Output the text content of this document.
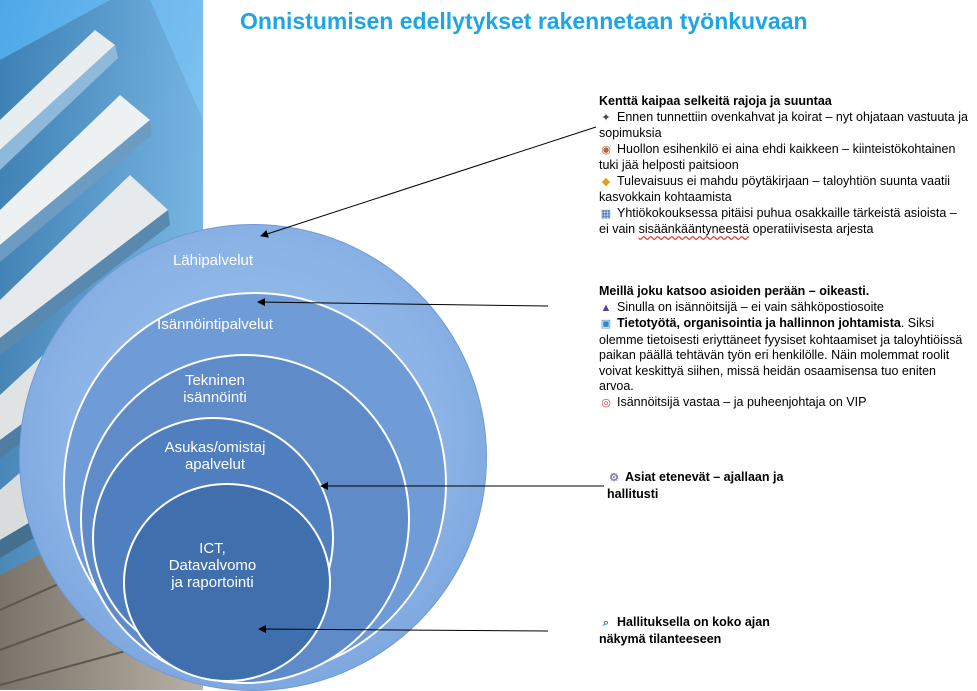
Onnistumisen edellytykset rakennetaan työnkuvaan
Lähipalvelut
Isännöintipalvelut
Tekninen
isännöinti
Asukas/omistaj
apalvelut
ICT,
Datavalvomo
ja raportointi
Kenttä kaipaa selkeitä rajoja ja suuntaa

✦ Ennen tunnettiin ovenkahvat ja koirat – nyt ohjataan vastuuta ja sopimuksia

◉ Huollon esihenkilö ei aina ehdi kaikkeen – kiinteistökohtainen tuki jää helposti paitsioon

◆ Tulevaisuus ei mahdu pöytäkirjaan – taloyhtiön suunta vaatii kasvokkain kohtaamista

▦ Yhtiökokouksessa pitäisi puhua osakkaille tärkeistä asioista – ei vain sisäänkääntyneestä operatiivisesta arjesta

Meillä joku katsoo asioiden perään – oikeasti.

▲ Sinulla on isännöitsijä – ei vain sähköpostiosoite

▣ Tietotyötä, organisointia ja hallinnon johtamista. Siksi olemme tietoisesti eriyttäneet fyysiset kohtaamiset ja taloyhtiöissä paikan päällä tehtävän työn eri henkilölle. Näin molemmat roolit voivat keskittyä siihen, missä heidän osaamisensa tuo eniten arvoa.

◎ Isännöitsijä vastaa – ja puheenjohtaja on VIP

⚙ Asiat etenevät – ajallaan ja hallitusti
⌕ Hallituksella on koko ajan näkymä tilanteeseen
